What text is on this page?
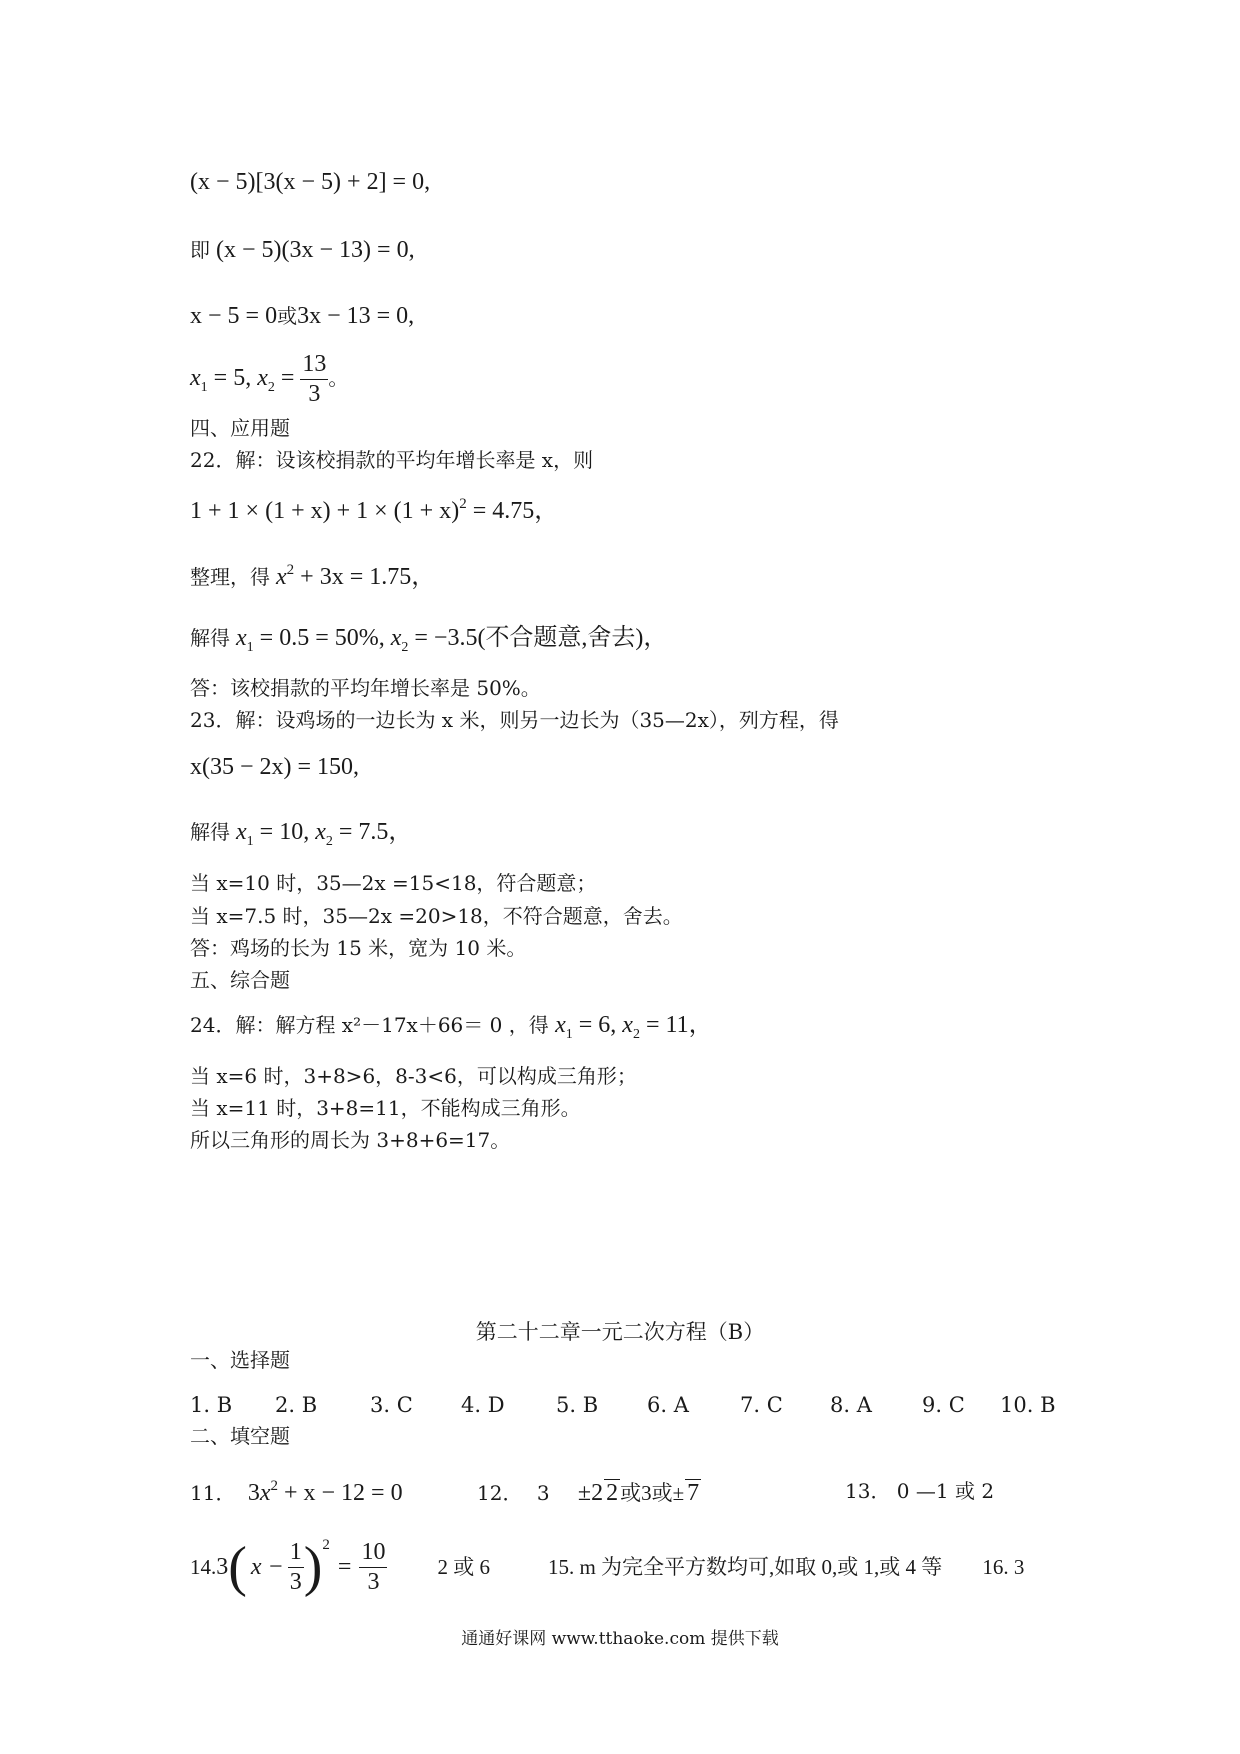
(x − 5)[3(x − 5) + 2] = 0,
即 (x − 5)(3x − 13) = 0,
x − 5 = 0或3x − 13 = 0,
$x_1 = 5$, $x_2 = \frac{13}{3}$ 。
四、应用题
22．解：设该校捐款的平均年增长率是 x，则
$1 + 1 \times (1 + x) + 1 \times (1 + x)^2 = 4.75$，
整理，得 $x^2 + 3x = 1.75$，
解得 $x_1 = 0.5 = 50\%$, $x_2 = -3.5$(不合题意,舍去)，
答：该校捐款的平均年增长率是 50%。
23．解：设鸡场的一边长为 x 米，则另一边长为（35—2x），列方程，得
x(35 − 2x) = 150,
解得 $x_1 = 10$, $x_2 = 7.5$，
当 x=10 时，35—2x =15<18，符合题意；
当 x=7.5 时，35—2x =20>18，不符合题意，舍去。
答：鸡场的长为 15 米，宽为 10 米。
五、综合题
24．解：解方程 x²－17x＋66＝ 0 ，得 $x_1 = 6$, $x_2 = 11$，
当 x=6 时，3+8>6，8-3<6，可以构成三角形；
当 x=11 时，3+8=11，不能构成三角形。
所以三角形的周长为 3+8+6=17。
第二十二章一元二次方程（B）
一、选择题
1. B 2. B	3. C 4. D 5. B 6. A 7. C 8. A 9. C 10. B
二、填空题
11． $3x^2 + x - 12 = 0$	12． 3 ±2 2或3或± 7	13． 0 —1 或 2
14. 3 ( $x - \frac{1}{3}$ ) 2
= $\frac{10}{3} 2$ 或 6	15. m 为完全平方数均可,如取 0,或 1,或 4 等 16. 3
通通好课网 www.tthaoke.com 提供下载
